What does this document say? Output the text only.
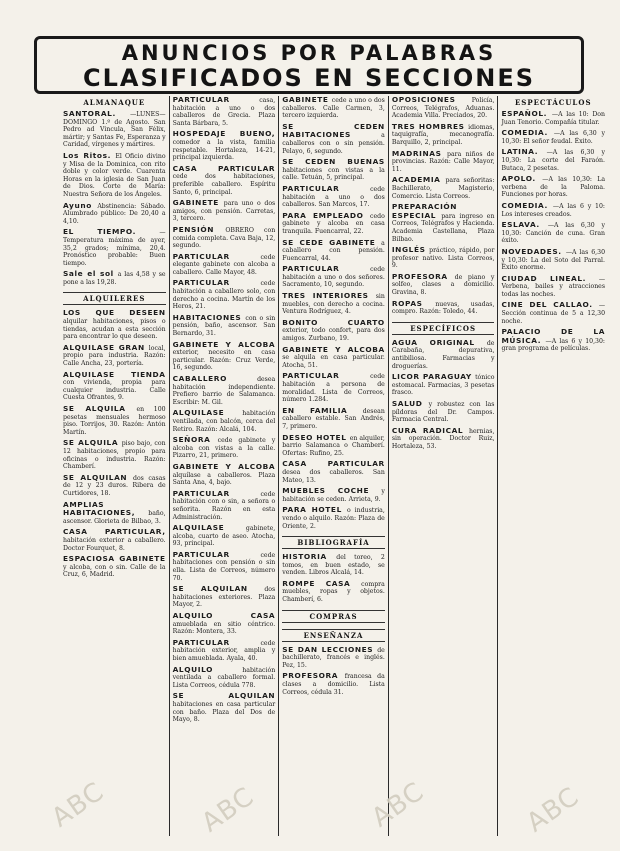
ANUNCIOS POR PALABRAS
CLASIFICADOS EN SECCIONES
ALMANAQUE

SANTORAL. —LUNES—DOMINGO 1.º de Agosto. San Pedro ad Vincula, San Félix, mártir; y Santas Fe, Esperanza y Caridad, vírgenes y mártires.

Los Ritos. El Oficio divino y Misa de la Dominica, con rito doble y color verde. Cuarenta Horas en la iglesia de San Juan de Dios. Corte de María: Nuestra Señora de los Ángeles.

Ayuno Abstinencia: Sábado. Alumbrado público: De 20,40 a 4,10.

EL TIEMPO. —Temperatura máxima de ayer, 35,2 grados; mínima, 20,4. Pronóstico probable: Buen tiempo.

Sale el sol a las 4,58 y se pone a las 19,28.

ALQUILERES

LOS QUE DESEEN alquilar habitaciones, pisos o tiendas, acudan a esta sección para encontrar lo que deseen.

ALQUILASE GRAN local, propio para industria. Razón: Calle Ancha, 23, portería.

ALQUILASE TIENDA con vivienda, propia para cualquier industria. Calle Cuesta Ofrantes, 9.

SE ALQUILA en 100 pesetas mensuales hermoso piso. Torrijos, 30. Razón: Antón Martín.

SE ALQUILA piso bajo, con 12 habitaciones, propio para oficinas o industria. Razón: Chamberí.

SE ALQUILAN dos casas de 12 y 23 duros. Ribera de Curtidores, 18.

AMPLIAS HABITACIONES, baño, ascensor. Glorieta de Bilbao, 3.

CASA PARTICULAR, habitación exterior a caballero. Doctor Fourquet, 8.

ESPACIOSA GABINETE y alcoba, con o sin. Calle de la Cruz, 6, Madrid.

PARTICULAR casa, habitación a uno o dos caballeros de Grecia. Plaza Santa Bárbara, 5.

HOSPEDAJE BUENO, comedor a la vista, familia respetable. Hortaleza, 14-21, principal izquierda.

CASA PARTICULAR cede dos habitaciones, preferible caballero. Espíritu Santo, 6, principal.

GABINETE para uno o dos amigos, con pensión. Carretas, 3, tercero.

PENSIÓN OBRERO con comida completa. Cava Baja, 12, segundo.

PARTICULAR cede elegante gabinete con alcoba a caballero. Calle Mayor, 48.

PARTICULAR cede habitación a caballero solo, con derecho a cocina. Martín de los Heros, 21.

HABITACIONES con o sin pensión, baño, ascensor. San Bernardo, 31.

GABINETE Y ALCOBA exterior, necesito en casa particular. Razón: Cruz Verde, 16, segundo.

CABALLERO desea habitación independiente. Prefiero barrio de Salamanca. Escribir: M. Gil.

ALQUILASE habitación ventilada, con balcón, cerca del Retiro. Razón: Alcalá, 104.

SEÑORA cede gabinete y alcoba con vistas a la calle. Pizarro, 21, primero.

GABINETE Y ALCOBA alquílase a caballeros. Plaza Santa Ana, 4, bajo.

PARTICULAR cede habitación con o sin, a señora o señorita. Razón en esta Administración.

ALQUILASE gabinete, alcoba, cuarto de aseo. Atocha, 93, principal.

PARTICULAR cede habitaciones con pensión o sin ella. Lista de Correos, número 70.

SE ALQUILAN dos habitaciones exteriores. Plaza Mayor, 2.

ALQUILO CASA amueblada en sitio céntrico. Razón: Montera, 33.

PARTICULAR cede habitación exterior, amplia y bien amueblada. Ayala, 40.

ALQUILO habitación ventilada a caballero formal. Lista Correos, cédula 778.

SE ALQUILAN habitaciones en casa particular con baño. Plaza del Dos de Mayo, 8.

GABINETE cede a uno o dos caballeros. Calle Carmen, 3, tercero izquierda.

SE CEDEN HABITACIONES a caballeros con o sin pensión. Pelayo, 6, segundo.

SE CEDEN BUENAS habitaciones con vistas a la calle. Tetuán, 5, principal.

PARTICULAR cede habitación a uno o dos caballeros. San Marcos, 17.

PARA EMPLEADO cedo gabinete y alcoba en casa tranquila. Fuencarral, 22.

SE CEDE GABINETE a caballero con pensión. Fuencarral, 44.

PARTICULAR cede habitación a uno o dos señores. Sacramento, 10, segundo.

TRES INTERIORES sin muebles, con derecho a cocina. Ventura Rodríguez, 4.

BONITO CUARTO exterior, todo confort, para dos amigos. Zurbano, 19.

GABINETE Y ALCOBA se alquila en casa particular. Atocha, 51.

PARTICULAR cede habitación a persona de moralidad. Lista de Correos, número 1.284.

EN FAMILIA desean caballero estable. San Andrés, 7, primero.

DESEO HOTEL en alquiler, barrio Salamanca o Chamberí. Ofertas: Rufino, 25.

CASA PARTICULAR desea dos caballeros. San Mateo, 13.

MUEBLES COCHE y habitación se ceden. Arrieta, 9.

PARA HOTEL o industria, vendo o alquilo. Razón: Plaza de Oriente, 2.

BIBLIOGRAFÍA

HISTORIA del toreo, 2 tomos, en buen estado, se venden. Libros Alcalá, 14.

ROMPE CASA compra muebles, ropas y objetos. Chamberí, 6.

COMPRAS
ENSEÑANZA

SE DAN LECCIONES de bachillerato, francés e inglés. Pez, 15.

PROFESORA francesa da clases a domicilio. Lista Correos, cédula 31.

OPOSICIONES Policía, Correos, Telégrafos, Aduanas. Academia Villa. Preciados, 20.

TRES HOMBRES idiomas, taquigrafía, mecanografía. Barquillo, 2, principal.

MADRINAS para niños de provincias. Razón: Calle Mayor, 11.

ACADEMIA para señoritas: Bachillerato, Magisterio, Comercio. Lista Correos.

PREPARACIÓN ESPECIAL para ingreso en Correos, Telégrafos y Hacienda. Academia Castellana, Plaza Bilbao.

INGLÉS práctico, rápido, por profesor nativo. Lista Correos, 9.

PROFESORA de piano y solfeo, clases a domicilio. Gravina, 8.

ROPAS nuevas, usadas, compro. Razón: Toledo, 44.

ESPECÍFICOS

AGUA ORIGINAL de Carabaña, depurativa, antibiliosa. Farmacias y droguerías.

LICOR PARAGUAY tónico estomacal. Farmacias, 3 pesetas frasco.

SALUD y robustez con las píldoras del Dr. Campos. Farmacia Central.

CURA RADICAL hernias, sin operación. Doctor Ruiz, Hortaleza, 53.

ESPECTÁCULOS

ESPAÑOL. —A las 10: Don Juan Tenorio. Compañía titular.

COMEDIA. —A las 6,30 y 10,30: El señor feudal. Éxito.

LATINA. —A las 6,30 y 10,30: La corte del Faraón. Butaca, 2 pesetas.

APOLO. —A las 10,30: La verbena de la Paloma. Funciones por horas.

COMEDIA. —A las 6 y 10: Los intereses creados.

ESLAVA. —A las 6,30 y 10,30: Canción de cuna. Gran éxito.

NOVEDADES. —A las 6,30 y 10,30: La del Soto del Parral. Éxito enorme.

CIUDAD LINEAL. —Verbena, bailes y atracciones todas las noches.

CINE DEL CALLAO. —Sección continua de 5 a 12,30 noche.

PALACIO DE LA MÚSICA. —A las 6 y 10,30: gran programa de películas.

ABC	ABC	ABC	ABC
